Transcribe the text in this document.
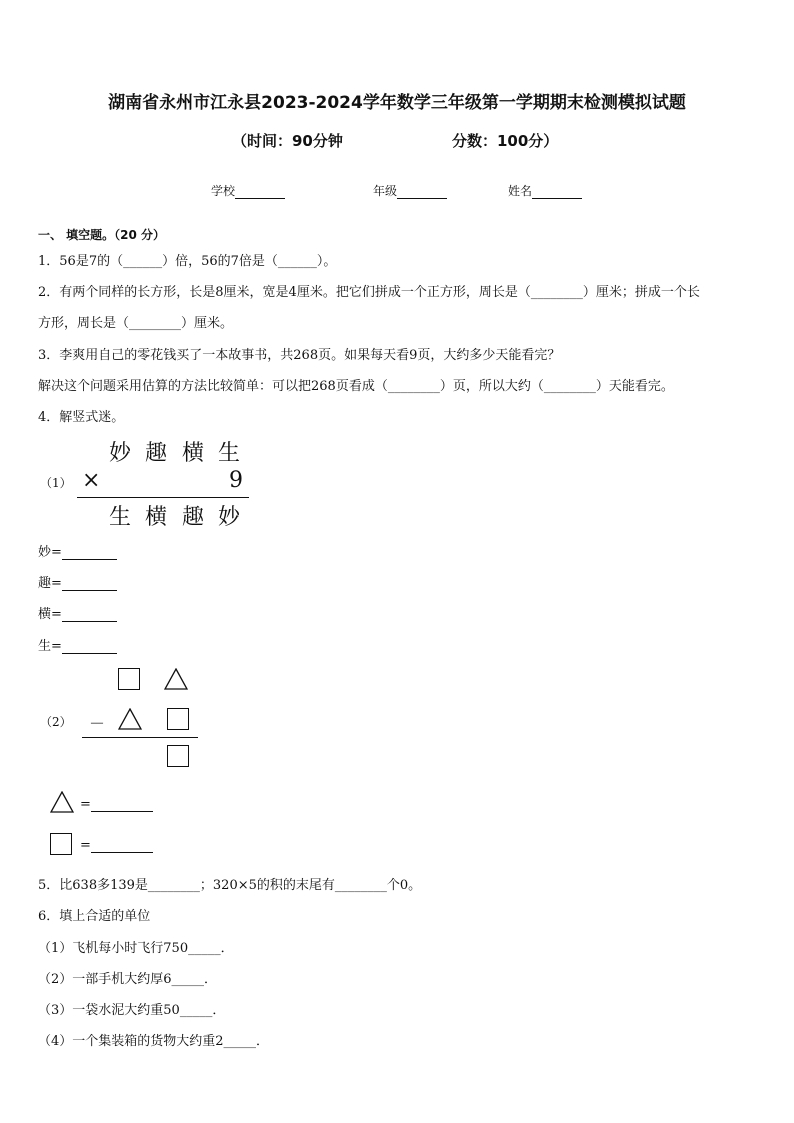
湖南省永州市江永县2023-2024学年数学三年级第一学期期末检测模拟试题
（时间：90分钟	分数：100分）
学校	年级	姓名
一、 填空题。（20 分）
1．56是7的（______）倍，56的7倍是（______）。
2．有两个同样的长方形，长是8厘米，宽是4厘米。把它们拼成一个正方形，周长是（________）厘米；拼成一个长
方形，周长是（________）厘米。
3．李爽用自己的零花钱买了一本故事书，共268页。如果每天看9页，大约多少天能看完？
解决这个问题采用估算的方法比较简单：可以把268页看成（________）页，所以大约（________）天能看完。
4．解竖式迷。
妙 趣 横 生
（1） ×	9
生 横 趣 妙
妙=
趣=
横=
生=
（2） －
=
=
5．比638多139是________；320×5的积的末尾有________个0。
6．填上合适的单位
（1）飞机每小时飞行750_____．
（2）一部手机大约厚6_____．
（3）一袋水泥大约重50_____．
（4）一个集装箱的货物大约重2_____．
